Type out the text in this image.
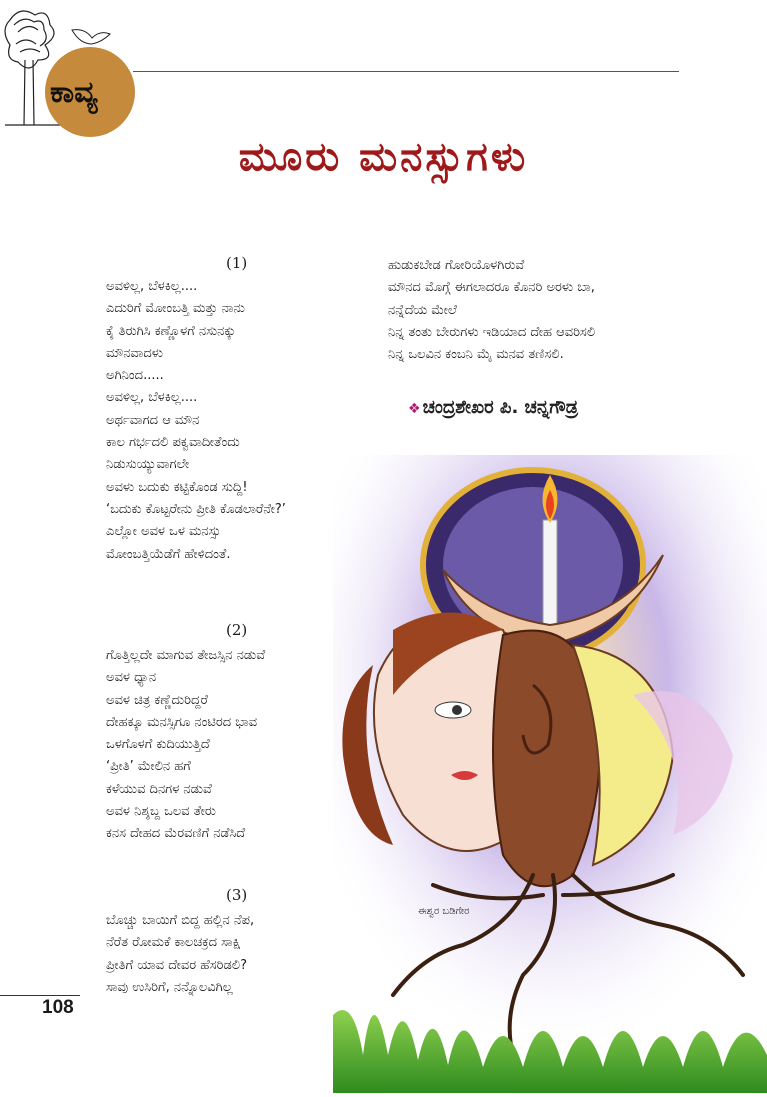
ಕಾವ್ಯ
ಮೂರು ಮನಸ್ಸುಗಳು
(1)
ಅವಳಿಲ್ಲ, ಬೆಳಕಿಲ್ಲ....
ಎದುರಿಗೆ ಮೋಂಬತ್ತಿ ಮತ್ತು ನಾನು
ಕೈ ತಿರುಗಿಸಿ ಕಣ್ಣೊಳಗೆ ನಸುನಕ್ಕು
ಮೌನವಾದಳು
ಅಗಿನಿಂದ.....
ಅವಳಿಲ್ಲ, ಬೆಳಕಿಲ್ಲ....
ಅರ್ಥವಾಗದ ಆ ಮೌನ
ಕಾಲ ಗರ್ಭದಲಿ ಪಕ್ವವಾದೀತೆಂದು
ನಿಡುಸುಯ್ಯುವಾಗಲೇ
ಅವಳು ಬದುಕು ಕಟ್ಟಿಕೊಂಡ ಸುದ್ದಿ!
‘ಬದುಕು ಕೊಟ್ಟರೇನು ಪ್ರೀತಿ ಕೊಡಲಾರೆನೇ?’
ಎಲ್ಲೋ ಅವಳ ಒಳ ಮನಸ್ಸು
ಮೋಂಬತ್ತಿಯೆಡೆಗೆ ಹೇಳಿದಂತೆ.
(2)
ಗೊತ್ತಿಲ್ಲದೇ ಮಾಗುವ ತೇಜಸ್ಸಿನ ನಡುವೆ
ಅವಳ ಧ್ಯಾನ
ಅವಳ ಚಿತ್ರ ಕಣ್ಣೆದುರಿದ್ದರೆ
ದೇಹಕ್ಕೂ ಮನಸ್ಸಿಗೂ ನಂಟಿರದ ಭಾವ
ಒಳಗೊಳಗೆ ಕುದಿಯುತ್ತಿದೆ
‘ಪ್ರೀತಿ’ ಮೇಲಿನ ಹಗೆ
ಕಳೆಯುವ ದಿನಗಳ ನಡುವೆ
ಅವಳ ನಿಶ್ಶಬ್ದ ಒಲವ ತೇರು
ಕನಸ ದೇಹದ ಮೆರವಣಿಗೆ ನಡೆಸಿದೆ
(3)
ಬೊಚ್ಚು ಬಾಯಿಗೆ ಬಿದ್ದ ಹಲ್ಲಿನ ನೆಪ,
ನೆರೆತ ರೋಮಕೆ ಕಾಲಚಕ್ರದ ಸಾಕ್ಷಿ
ಪ್ರೀತಿಗೆ ಯಾವ ದೇವರ ಹೆಸರಿಡಲಿ?
ಸಾವು ಉಸಿರಿಗೆ, ನನ್ನೊಲವಿಗಿಲ್ಲ
ಹುಡುಕಬೇಡ ಗೋರಿಯೊಳಗಿರುವೆ
ಮೌನದ ಮೊಗ್ಗೆ ಈಗಲಾದರೂ ಕೊನರಿ ಅರಳು ಬಾ,
ನನ್ನೆದೆಯ ಮೇಲೆ
ನಿನ್ನ ತಂತು ಬೇರುಗಳು ಇಡಿಯಾದ ದೇಹ ಆವರಿಸಲಿ
ನಿನ್ನ ಒಲವಿನ ಕಂಬನಿ ಮೈ ಮನವ ತಣಿಸಲಿ.
❖ ಚಂದ್ರಶೇಖರ ಪಿ. ಚನ್ನಗೌಡ್ರ
ಈಶ್ವರ ಬಡಿಗೇರ
108
